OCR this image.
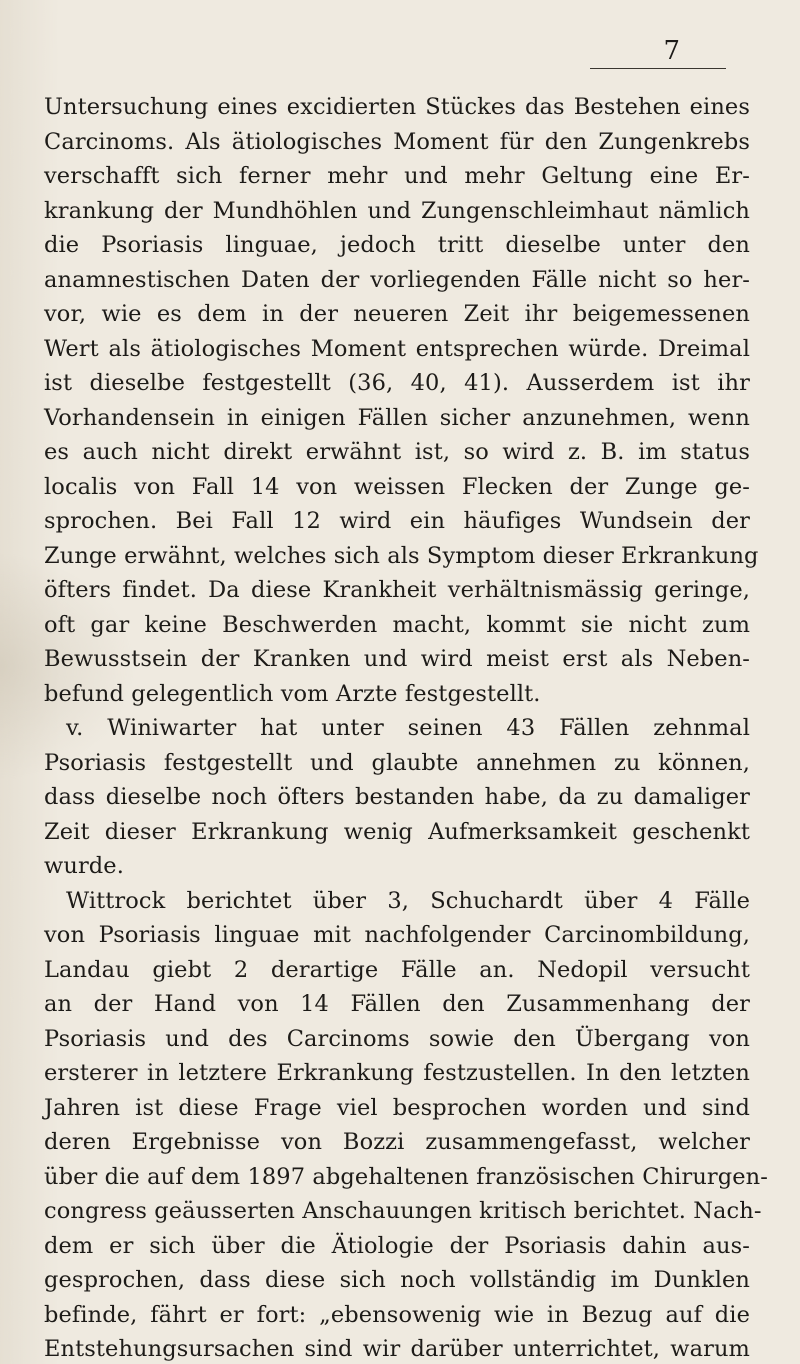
7
Untersuchung eines excidierten Stückes das Bestehen eines
Carcinoms. Als ätiologisches Moment für den Zungenkrebs
verschafft sich ferner mehr und mehr Geltung eine Er-
krankung der Mundhöhlen und Zungenschleimhaut nämlich
die Psoriasis linguae, jedoch tritt dieselbe unter den
anamnestischen Daten der vorliegenden Fälle nicht so her-
vor, wie es dem in der neueren Zeit ihr beigemessenen
Wert als ätiologisches Moment entsprechen würde. Dreimal
ist dieselbe festgestellt (36, 40, 41). Ausserdem ist ihr
Vorhandensein in einigen Fällen sicher anzunehmen, wenn
es auch nicht direkt erwähnt ist, so wird z. B. im status
localis von Fall 14 von weissen Flecken der Zunge ge-
sprochen. Bei Fall 12 wird ein häufiges Wundsein der
Zunge erwähnt, welches sich als Symptom dieser Erkrankung
öfters findet. Da diese Krankheit verhältnismässig geringe,
oft gar keine Beschwerden macht, kommt sie nicht zum
Bewusstsein der Kranken und wird meist erst als Neben-
befund gelegentlich vom Arzte festgestellt.
v. Winiwarter hat unter seinen 43 Fällen zehnmal
Psoriasis festgestellt und glaubte annehmen zu können,
dass dieselbe noch öfters bestanden habe, da zu damaliger
Zeit dieser Erkrankung wenig Aufmerksamkeit geschenkt
wurde.
Wittrock berichtet über 3, Schuchardt über 4 Fälle
von Psoriasis linguae mit nachfolgender Carcinombildung,
Landau giebt 2 derartige Fälle an. Nedopil versucht
an der Hand von 14 Fällen den Zusammenhang der
Psoriasis und des Carcinoms sowie den Übergang von
ersterer in letztere Erkrankung festzustellen. In den letzten
Jahren ist diese Frage viel besprochen worden und sind
deren Ergebnisse von Bozzi zusammengefasst, welcher
über die auf dem 1897 abgehaltenen französischen Chirurgen-
congress geäusserten Anschauungen kritisch berichtet. Nach-
dem er sich über die Ätiologie der Psoriasis dahin aus-
gesprochen, dass diese sich noch vollständig im Dunklen
befinde, fährt er fort: „ebensowenig wie in Bezug auf die
Entstehungsursachen sind wir darüber unterrichtet, warum
